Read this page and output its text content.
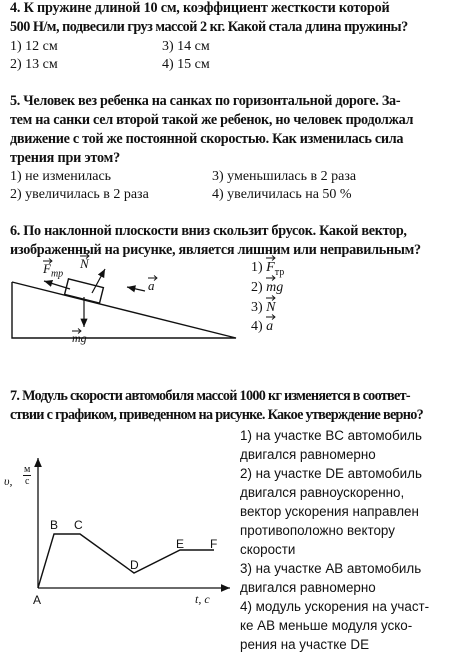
4. К пружине длиной 10 см, коэффициент жесткости которой
500 Н/м, подвесили груз массой 2 кг. Какой стала длина пружины?
1) 12 см	3) 14 см
2) 13 см	4) 15 см
5. Человек вез ребенка на санках по горизонтальной дороге. За-
тем на санки сел второй такой же ребенок, но человек продолжал
движение с той же постоянной скоростью. Как изменилась сила
трения при этом?
1) не изменилась	3) уменьшилась в 2 раза
2) увеличилась в 2 раза	4) увеличилась на 50 %
6. По наклонной плоскости вниз скользит брусок. Какой вектор,
изображенный на рисунке, является лишним или неправильным?
F
$_{тр}$
N
a
mg
1) F
$_{тр}$
2) mg
3) N
4) a
7. Модуль скорости автомобиля массой 1000 кг изменяется в соответ-
ствии с графиком, приведенном на рисунке. Какое утверждение верно?
1) на участке BC автомобиль
двигался равномерно
2) на участке DE автомобиль
двигался равноускоренно,
вектор ускорения направлен
противоположно вектору
скорости
3) на участке AB автомобиль
двигался равномерно
4) модуль ускорения на участ-
ке AB меньше модуля уско-
рения на участке DE
υ,
м
с
t, c
A
B C
D
E F
